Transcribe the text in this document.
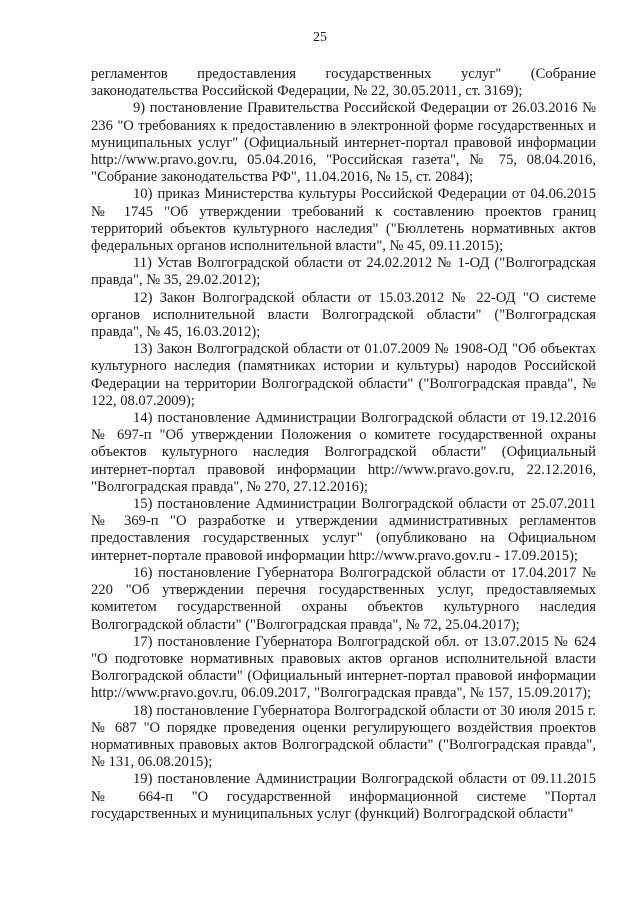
25

регламентов предоставления государственных услуг" (Собрание законодательства Российской Федерации, № 22, 30.05.2011, ст. 3169);

9) постановление Правительства Российской Федерации от 26.03.2016 № 236 "О требованиях к предоставлению в электронной форме государственных и муниципальных услуг" (Официальный интернет-портал правовой информации http://www.pravo.gov.ru, 05.04.2016, "Российская газета", № 75, 08.04.2016, "Собрание законодательства РФ", 11.04.2016, № 15, ст. 2084);

10) приказ Министерства культуры Российской Федерации от 04.06.2015 № 1745 "Об утверждении требований к составлению проектов границ территорий объектов культурного наследия" ("Бюллетень нормативных актов федеральных органов исполнительной власти", № 45, 09.11.2015);

11) Устав Волгоградской области от 24.02.2012 № 1-ОД ("Волгоградская правда", № 35, 29.02.2012);

12) Закон Волгоградской области от 15.03.2012 № 22-ОД "О системе органов исполнительной власти Волгоградской области" ("Волгоградская правда", № 45, 16.03.2012);

13) Закон Волгоградской области от 01.07.2009 № 1908-ОД "Об объектах культурного наследия (памятниках истории и культуры) народов Российской Федерации на территории Волгоградской области" ("Волгоградская правда", № 122, 08.07.2009);

14) постановление Администрации Волгоградской области от 19.12.2016 № 697-п "Об утверждении Положения о комитете государственной охраны объектов культурного наследия Волгоградской области" (Официальный интернет-портал правовой информации http://www.pravo.gov.ru, 22.12.2016, "Волгоградская правда", № 270, 27.12.2016);

15) постановление Администрации Волгоградской области от 25.07.2011 № 369-п "О разработке и утверждении административных регламентов предоставления государственных услуг" (опубликовано на Официальном интернет-портале правовой информации http://www.pravo.gov.ru - 17.09.2015);

16) постановление Губернатора Волгоградской области от 17.04.2017 № 220 "Об утверждении перечня государственных услуг, предоставляемых комитетом государственной охраны объектов культурного наследия Волгоградской области" ("Волгоградская правда", № 72, 25.04.2017);

17) постановление Губернатора Волгоградской обл. от 13.07.2015 № 624 "О подготовке нормативных правовых актов органов исполнительной власти Волгоградской области" (Официальный интернет-портал правовой информации http://www.pravo.gov.ru, 06.09.2017, "Волгоградская правда", № 157, 15.09.2017);

18) постановление Губернатора Волгоградской области от 30 июля 2015 г. № 687 "О порядке проведения оценки регулирующего воздействия проектов нормативных правовых актов Волгоградской области" ("Волгоградская правда", № 131, 06.08.2015);

19) постановление Администрации Волгоградской области от 09.11.2015 № 664-п "О государственной информационной системе "Портал государственных и муниципальных услуг (функций) Волгоградской области"
